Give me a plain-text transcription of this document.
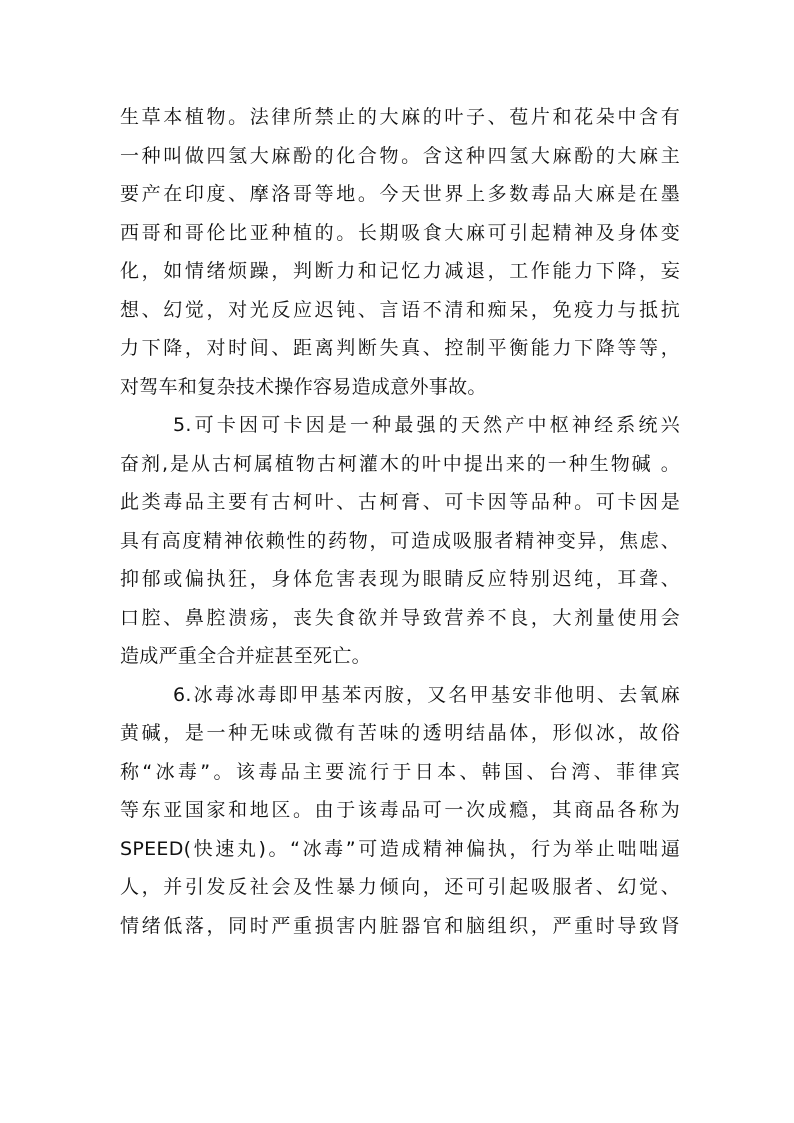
生草本植物。法律所禁止的大麻的叶子、苞片和花朵中含有
一种叫做四氢大麻酚的化合物。含这种四氢大麻酚的大麻主
要产在印度、摩洛哥等地。今天世界上多数毒品大麻是在墨
西哥和哥伦比亚种植的。长期吸食大麻可引起精神及身体变
化，如情绪烦躁，判断力和记忆力减退，工作能力下降，妄
想、幻觉，对光反应迟钝、言语不清和痴呆，免疫力与抵抗
力下降，对时间、距离判断失真、控制平衡能力下降等等，
对驾车和复杂技术操作容易造成意外事故。
5.可卡因可卡因是一种最强的天然产中枢神经系统兴
奋剂,是从古柯属植物古柯灌木的叶中提出来的一种生物碱 。
此类毒品主要有古柯叶、古柯膏、可卡因等品种。可卡因是
具有高度精神依赖性的药物，可造成吸服者精神变异，焦虑、
抑郁或偏执狂，身体危害表现为眼睛反应特别迟纯，耳聋、
口腔、鼻腔溃疡，丧失食欲并导致营养不良，大剂量使用会
造成严重全合并症甚至死亡。
6.冰毒冰毒即甲基苯丙胺，又名甲基安非他明、去氧麻
黄碱，是一种无味或微有苦味的透明结晶体，形似冰，故俗
称“冰毒”。该毒品主要流行于日本、韩国、台湾、菲律宾
等东亚国家和地区。由于该毒品可一次成瘾，其商品各称为
SPEED(快速丸)。“冰毒”可造成精神偏执，行为举止咄咄逼
人，并引发反社会及性暴力倾向，还可引起吸服者、幻觉、
情绪低落，同时严重损害内脏器官和脑组织，严重时导致肾
